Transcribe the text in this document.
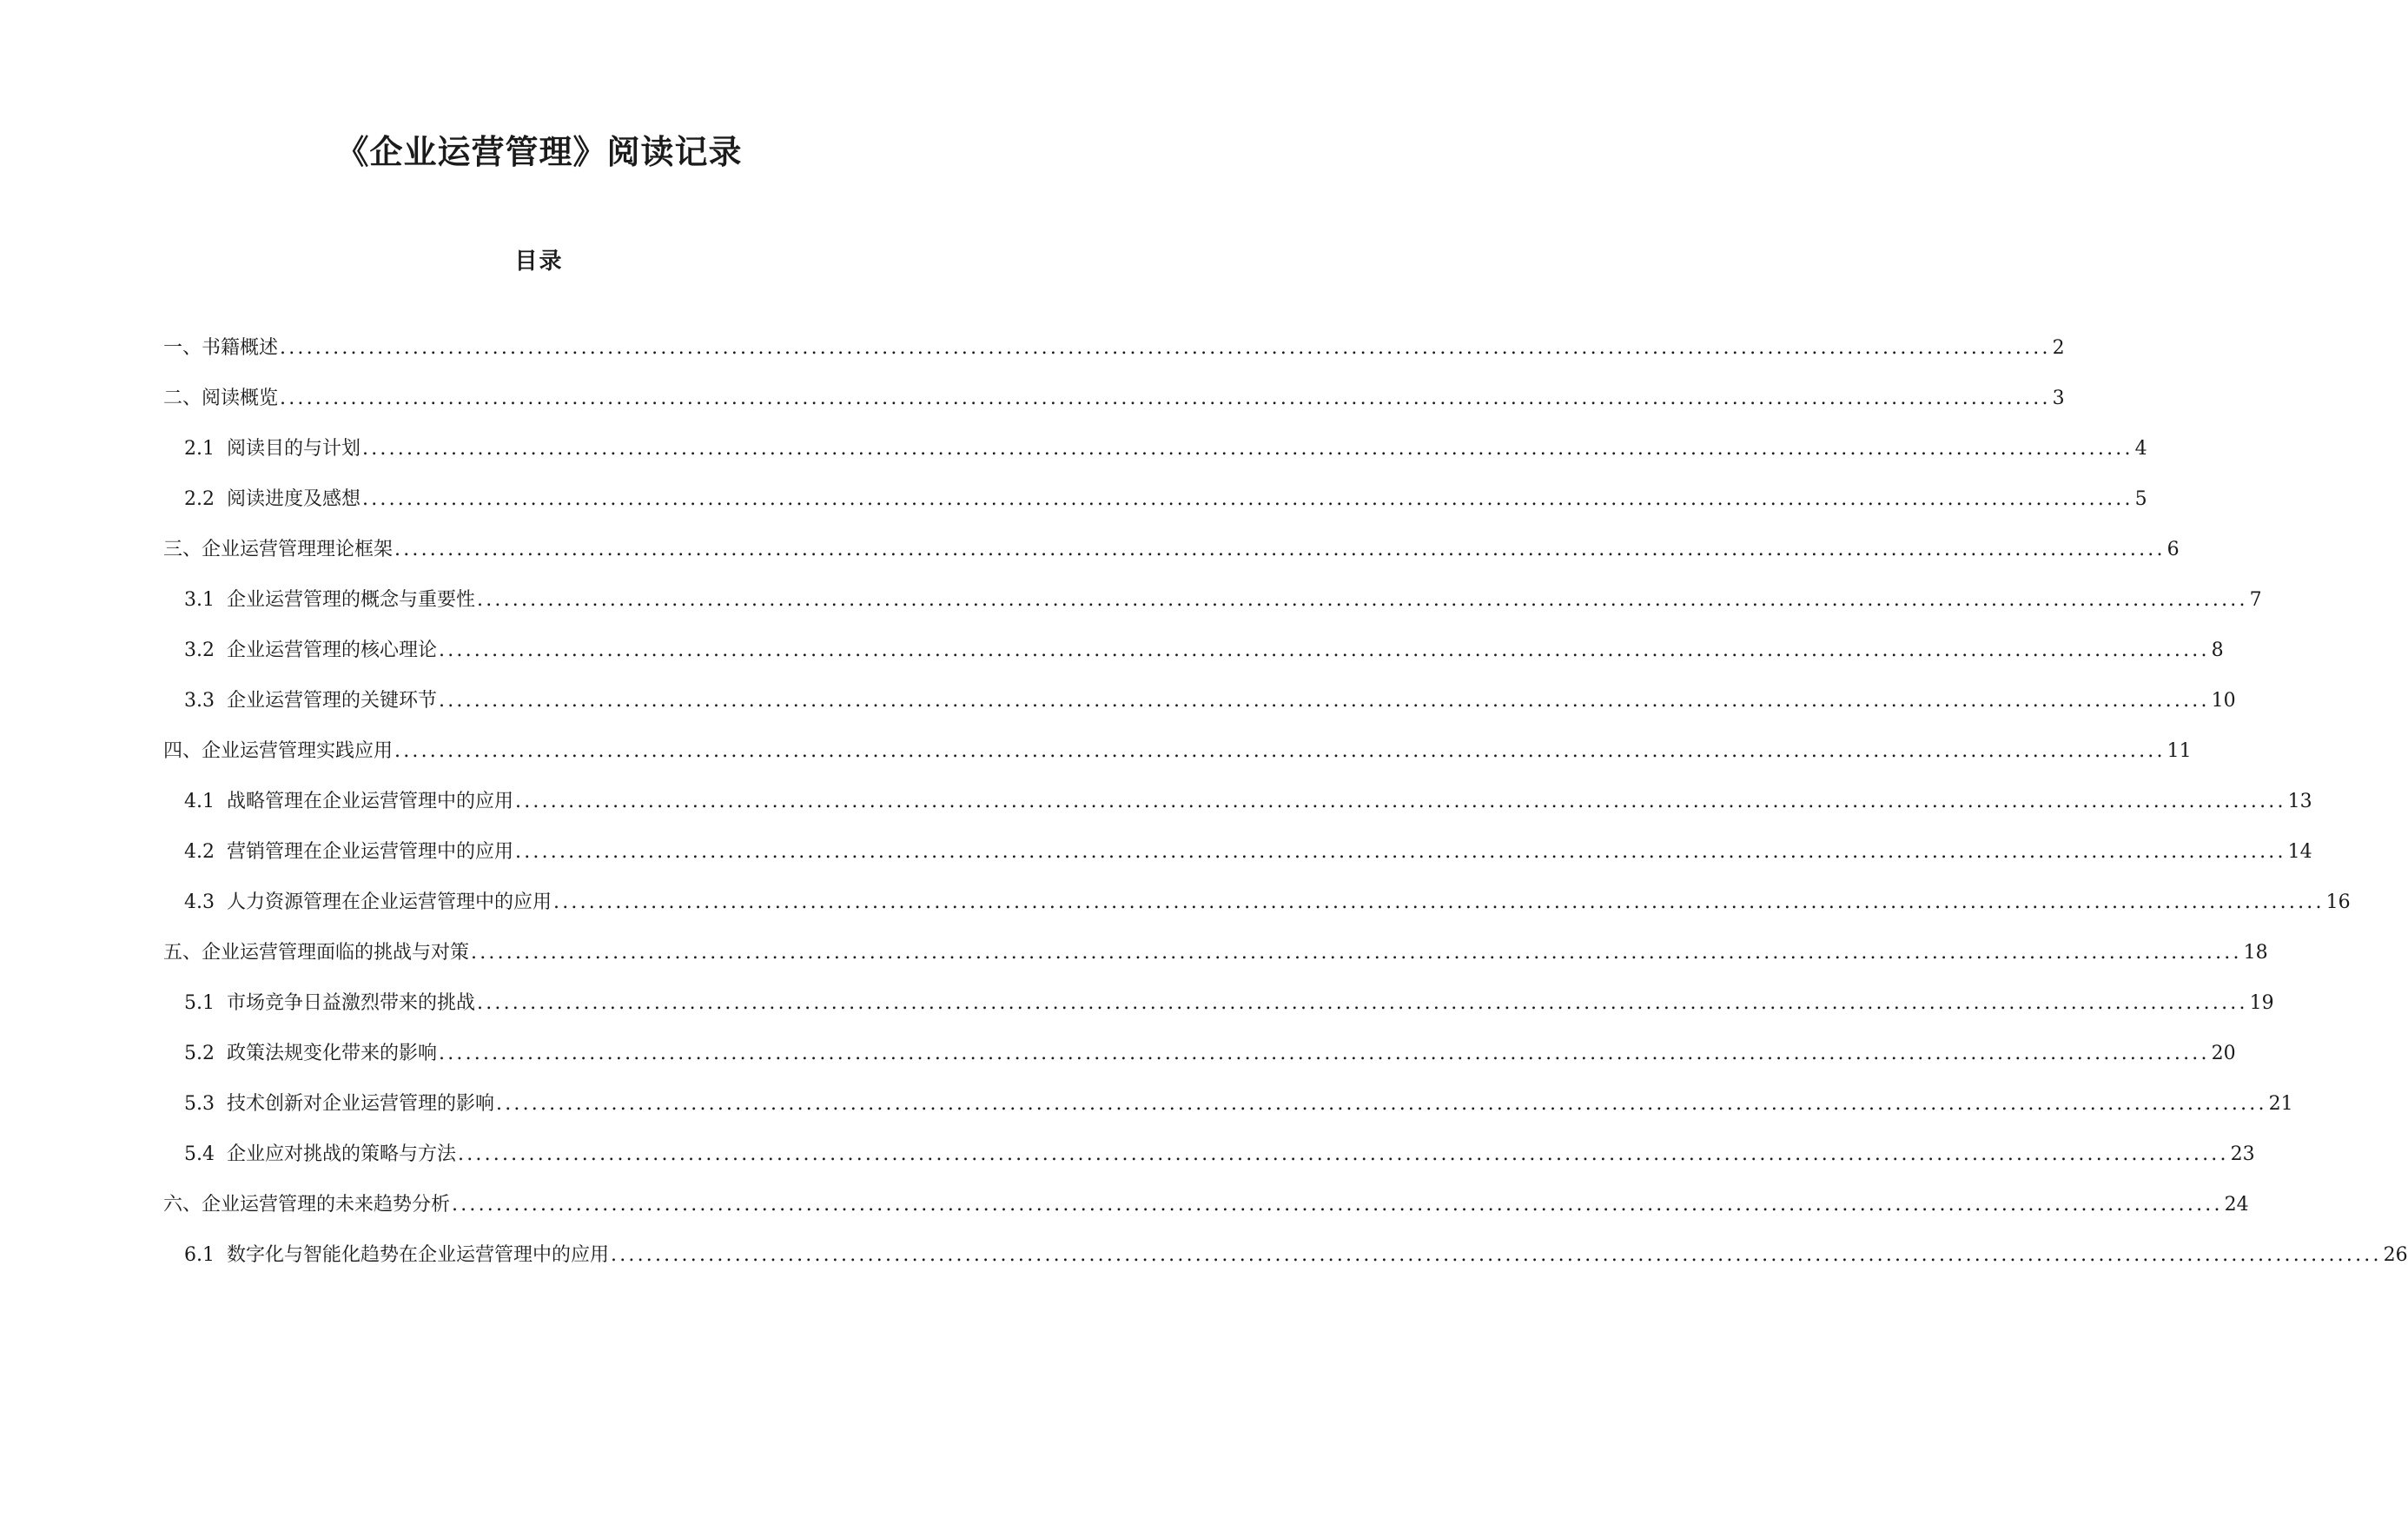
《企业运营管理》阅读记录
目录
一、书籍概述 ........................................................................................................................................................................................................ 2
二、阅读概览 ........................................................................................................................................................................................................ 3
2.1 阅读目的与计划 ........................................................................................................................................................................................................ 4
2.2 阅读进度及感想 ........................................................................................................................................................................................................ 5
三、企业运营管理理论框架 ........................................................................................................................................................................................................ 6
3.1 企业运营管理的概念与重要性 ........................................................................................................................................................................................................ 7
3.2 企业运营管理的核心理论 ........................................................................................................................................................................................................ 8
3.3 企业运营管理的关键环节 ........................................................................................................................................................................................................ 10
四、企业运营管理实践应用 ........................................................................................................................................................................................................ 11
4.1 战略管理在企业运营管理中的应用 ........................................................................................................................................................................................................ 13
4.2 营销管理在企业运营管理中的应用 ........................................................................................................................................................................................................ 14
4.3 人力资源管理在企业运营管理中的应用 ........................................................................................................................................................................................................ 16
五、企业运营管理面临的挑战与对策 ........................................................................................................................................................................................................ 18
5.1 市场竞争日益激烈带来的挑战 ........................................................................................................................................................................................................ 19
5.2 政策法规变化带来的影响 ........................................................................................................................................................................................................ 20
5.3 技术创新对企业运营管理的影响 ........................................................................................................................................................................................................ 21
5.4 企业应对挑战的策略与方法 ........................................................................................................................................................................................................ 23
六、企业运营管理的未来趋势分析 ........................................................................................................................................................................................................ 24
6.1 数字化与智能化趋势在企业运营管理中的应用 ........................................................................................................................................................................................................ 26
